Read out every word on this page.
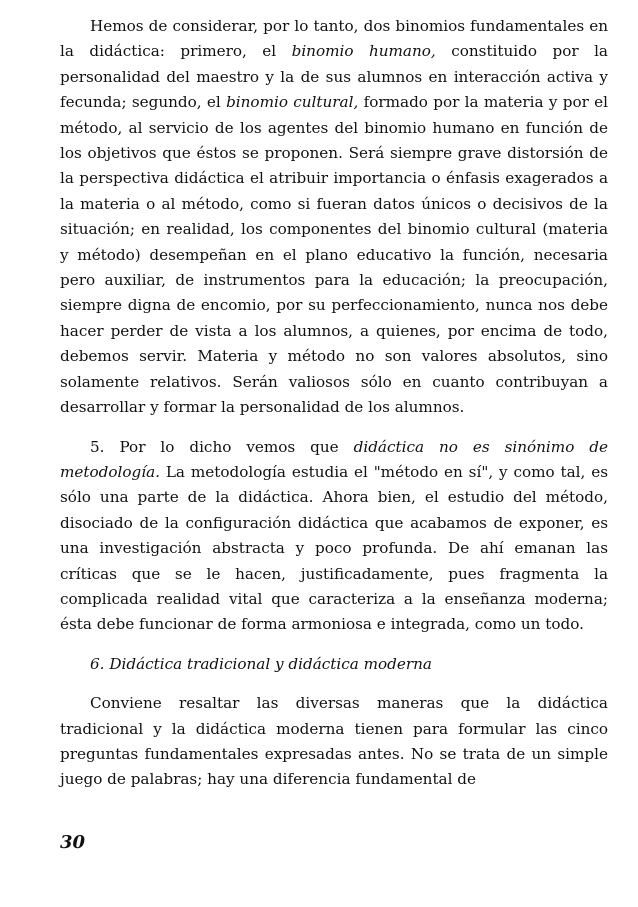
Hemos de considerar, por lo tanto, dos binomios fundamentales en la didáctica: primero, el binomio humano, constituido por la personalidad del maestro y la de sus alumnos en interacción activa y fecunda; segundo, el binomio cultural, formado por la materia y por el método, al servicio de los agentes del binomio humano en función de los objetivos que éstos se proponen. Será siempre grave distorsión de la perspectiva didáctica el atribuir importancia o énfasis exagerados a la materia o al método, como si fueran datos únicos o decisivos de la situación; en realidad, los componentes del binomio cultural (materia y método) desempeñan en el plano educativo la función, necesaria pero auxiliar, de instrumentos para la educación; la preocupación, siempre digna de encomio, por su perfeccionamiento, nunca nos debe hacer perder de vista a los alumnos, a quienes, por encima de todo, debemos servir. Materia y método no son valores absolutos, sino solamente relativos. Serán valiosos sólo en cuanto contribuyan a desarrollar y formar la personalidad de los alumnos.

5. Por lo dicho vemos que didáctica no es sinónimo de metodología. La metodología estudia el "método en sí", y como tal, es sólo una parte de la didáctica. Ahora bien, el estudio del método, disociado de la configuración didáctica que acabamos de exponer, es una investigación abstracta y poco profunda. De ahí emanan las críticas que se le hacen, justificadamente, pues fragmenta la complicada realidad vital que caracteriza a la enseñanza moderna; ésta debe funcionar de forma armoniosa e integrada, como un todo.

6. Didáctica tradicional y didáctica moderna

Conviene resaltar las diversas maneras que la didáctica tradicional y la didáctica moderna tienen para formular las cinco preguntas fundamentales expresadas antes. No se trata de un simple juego de palabras; hay una diferencia fundamental de

30
